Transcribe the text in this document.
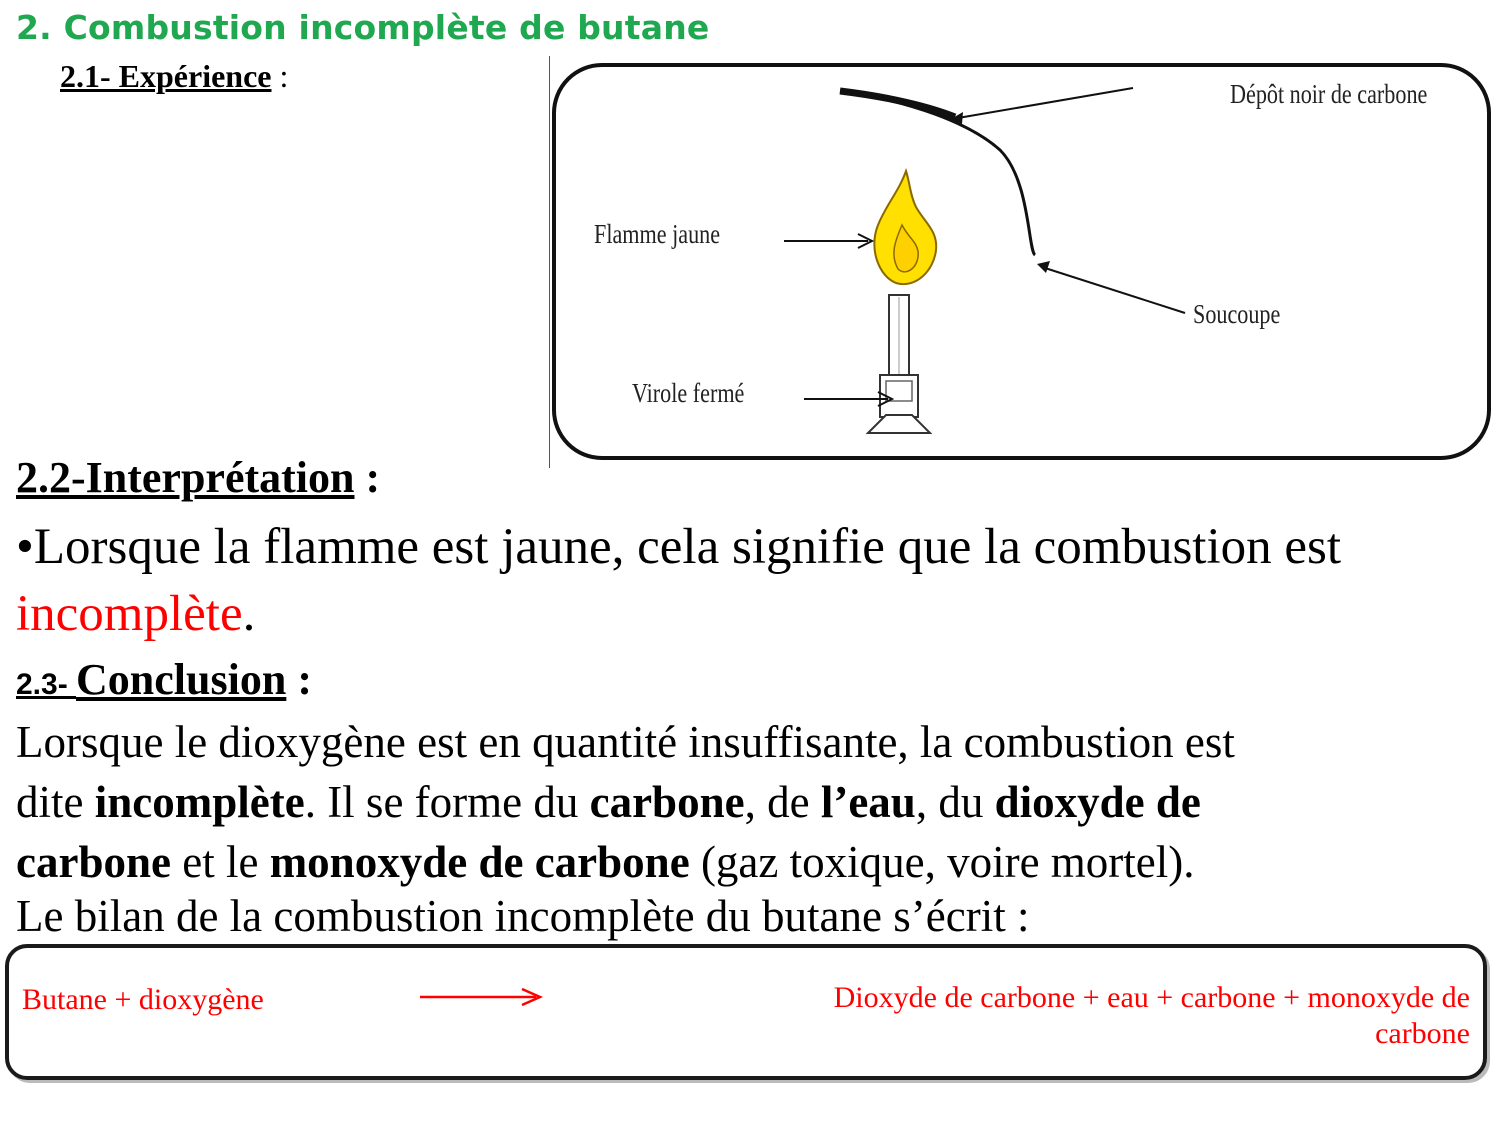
2. Combustion incomplète de butane
2.1- Expérience :	Dépôt noir de carbone
Flamme jaune
Soucoupe
Virole fermé
2.2-Interprétation :
•Lorsque la flamme est jaune, cela signifie que la combustion est incomplète.
2.3- Conclusion :
Lorsque le dioxygène est en quantité insuffisante, la combustion est
dite incomplète. Il se forme du carbone, de l’eau, du dioxyde de
carbone et le monoxyde de carbone (gaz toxique, voire mortel).
Le bilan de la combustion incomplète du butane s’écrit :
Butane + dioxygène	Dioxyde de carbone + eau + carbone + monoxyde de
carbone
